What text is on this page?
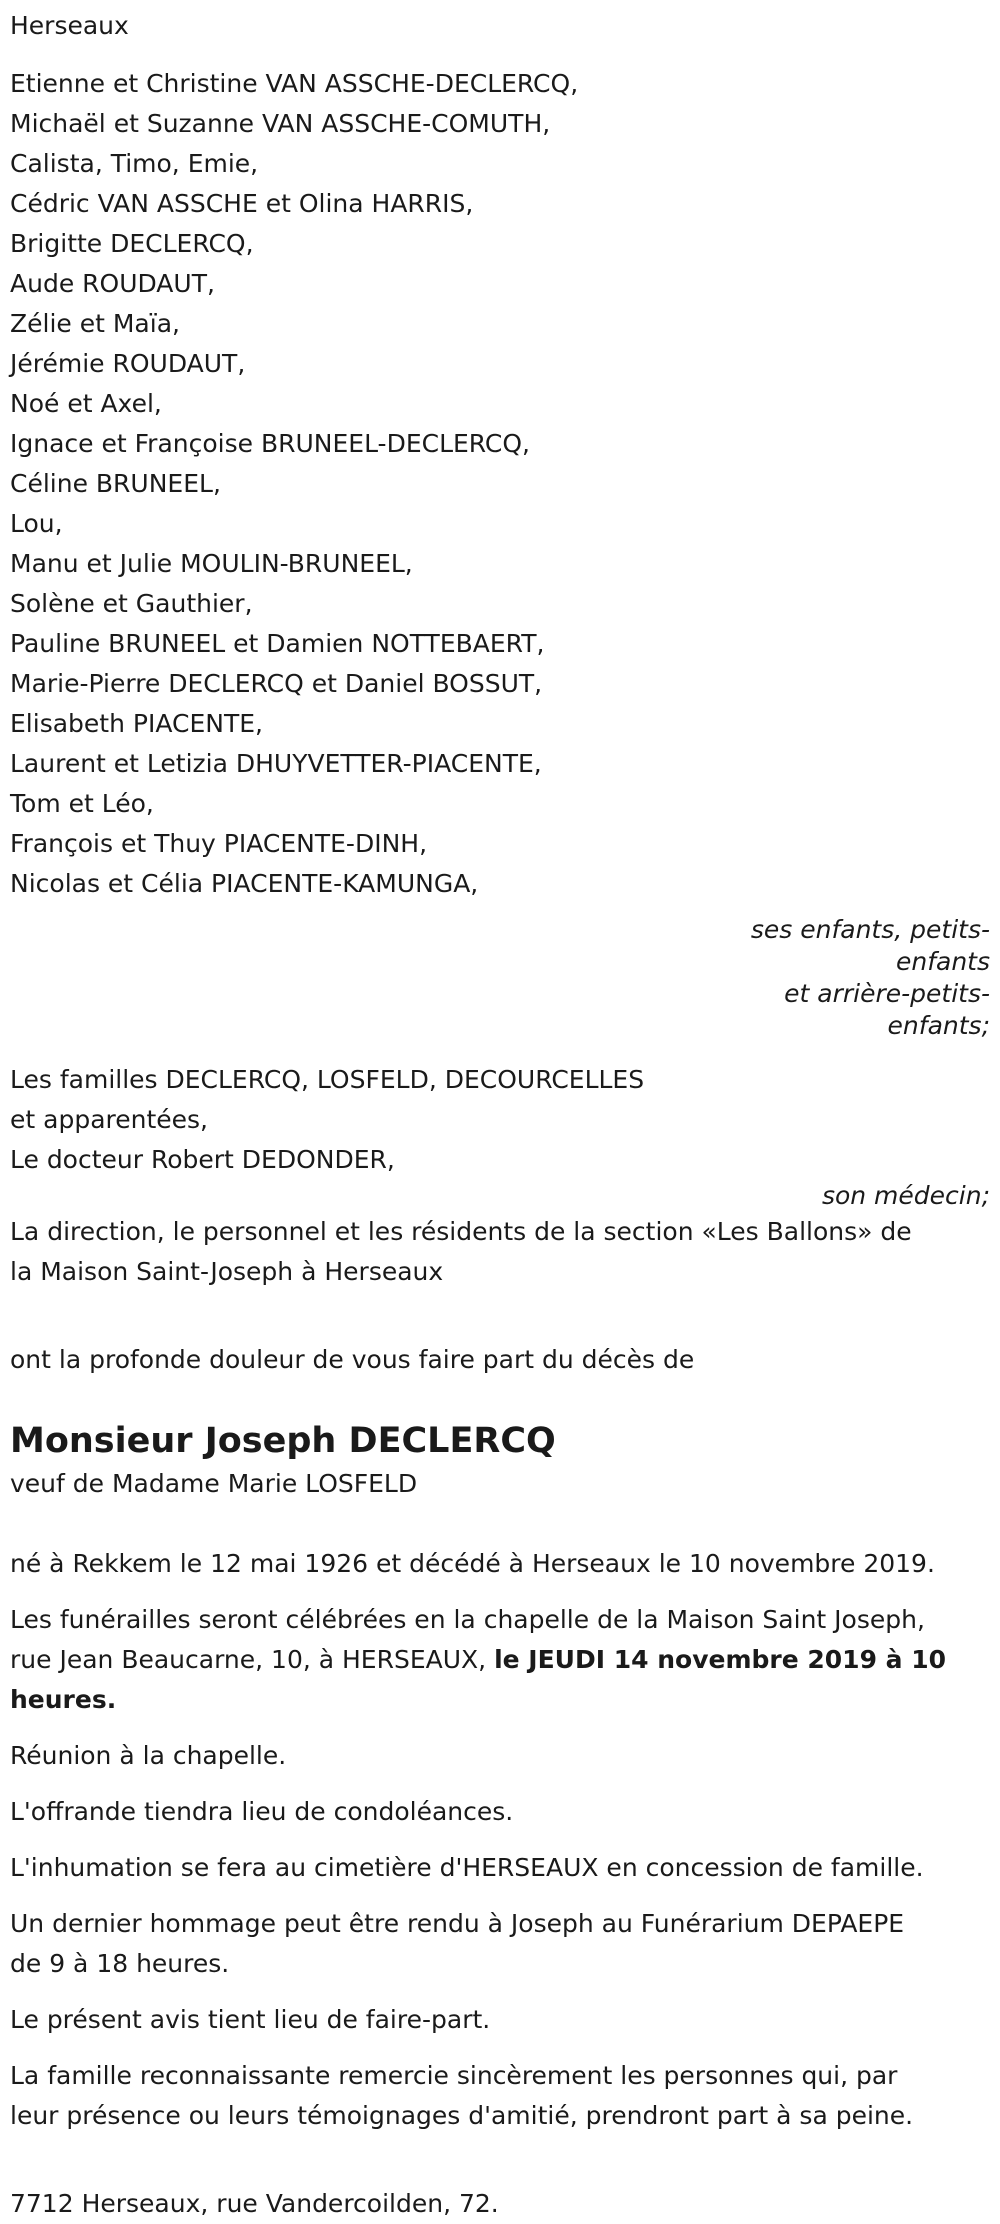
Herseaux
Etienne et Christine VAN ASSCHE-DECLERCQ,
Michaël et Suzanne VAN ASSCHE-COMUTH,
Calista, Timo, Emie,
Cédric VAN ASSCHE et Olina HARRIS,
Brigitte DECLERCQ,
Aude ROUDAUT,
Zélie et Maïa,
Jérémie ROUDAUT,
Noé et Axel,
Ignace et Françoise BRUNEEL-DECLERCQ,
Céline BRUNEEL,
Lou,
Manu et Julie MOULIN-BRUNEEL,
Solène et Gauthier,
Pauline BRUNEEL et Damien NOTTEBAERT,
Marie-Pierre DECLERCQ et Daniel BOSSUT,
Elisabeth PIACENTE,
Laurent et Letizia DHUYVETTER-PIACENTE,
Tom et Léo,
François et Thuy PIACENTE-DINH,
Nicolas et Célia PIACENTE-KAMUNGA,
ses enfants, petits-
enfants
et arrière-petits-
enfants;
Les familles DECLERCQ, LOSFELD, DECOURCELLES
et apparentées,
Le docteur Robert DEDONDER,
son médecin;
La direction, le personnel et les résidents de la section «Les Ballons» de
la Maison Saint-Joseph à Herseaux
ont la profonde douleur de vous faire part du décès de
Monsieur Joseph DECLERCQ
veuf de Madame Marie LOSFELD
né à Rekkem le 12 mai 1926 et décédé à Herseaux le 10 novembre 2019.
Les funérailles seront célébrées en la chapelle de la Maison Saint Joseph,
rue Jean Beaucarne, 10, à HERSEAUX, le JEUDI 14 novembre 2019 à 10
heures.
Réunion à la chapelle.
L'offrande tiendra lieu de condoléances.
L'inhumation se fera au cimetière d'HERSEAUX en concession de famille.
Un dernier hommage peut être rendu à Joseph au Funérarium DEPAEPE
de 9 à 18 heures.
Le présent avis tient lieu de faire-part.
La famille reconnaissante remercie sincèrement les personnes qui, par
leur présence ou leurs témoignages d'amitié, prendront part à sa peine.
7712 Herseaux, rue Vandercoilden, 72.
